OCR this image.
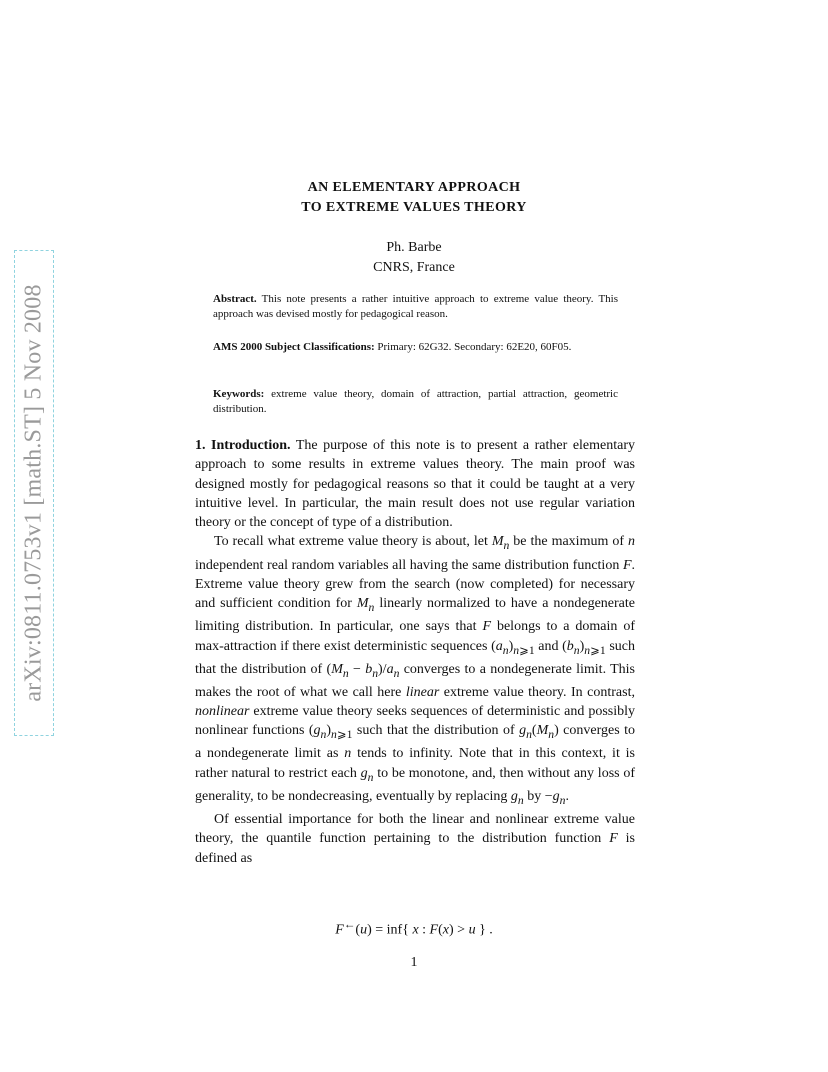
arXiv:0811.0753v1 [math.ST] 5 Nov 2008
AN ELEMENTARY APPROACH
TO EXTREME VALUES THEORY
Ph. Barbe
CNRS, France
Abstract. This note presents a rather intuitive approach to extreme value theory. This approach was devised mostly for pedagogical reason.
AMS 2000 Subject Classifications: Primary: 62G32. Secondary: 62E20, 60F05.
Keywords: extreme value theory, domain of attraction, partial attraction, geometric distribution.

1. Introduction. The purpose of this note is to present a rather elementary approach to some results in extreme values theory. The main proof was designed mostly for pedagogical reasons so that it could be taught at a very intuitive level. In particular, the main result does not use regular variation theory or the concept of type of a distribution.

To recall what extreme value theory is about, let $M_n$ be the maximum of n independent real random variables all having the same distribution function F. Extreme value theory grew from the search (now completed) for necessary and sufficient condition for $M_n$ linearly normalized to have a nondegenerate limiting distribution. In particular, one says that F belongs to a domain of max-attraction if there exist deterministic sequences $(a_n)_{n⩾1}$ and $(b_n)_{n⩾1}$ such that the distribution of $(M_n - b_n)/a_n$ converges to a nondegenerate limit. This makes the root of what we call here linear extreme value theory. In contrast, nonlinear extreme value theory seeks sequences of deterministic and possibly nonlinear functions $(g_n)_{n⩾1}$ such that the distribution of $g_n(M_n)$ converges to a nondegenerate limit as n tends to infinity. Note that in this context, it is rather natural to restrict each $g_n$ to be monotone, and, then without any loss of generality, to be nondecreasing, eventually by replacing $g_n$ by $-g_n$.

Of essential importance for both the linear and nonlinear extreme value theory, the quantile function pertaining to the distribution function F is defined as

F←(u) = inf{ x : F(x) > u } .
1
